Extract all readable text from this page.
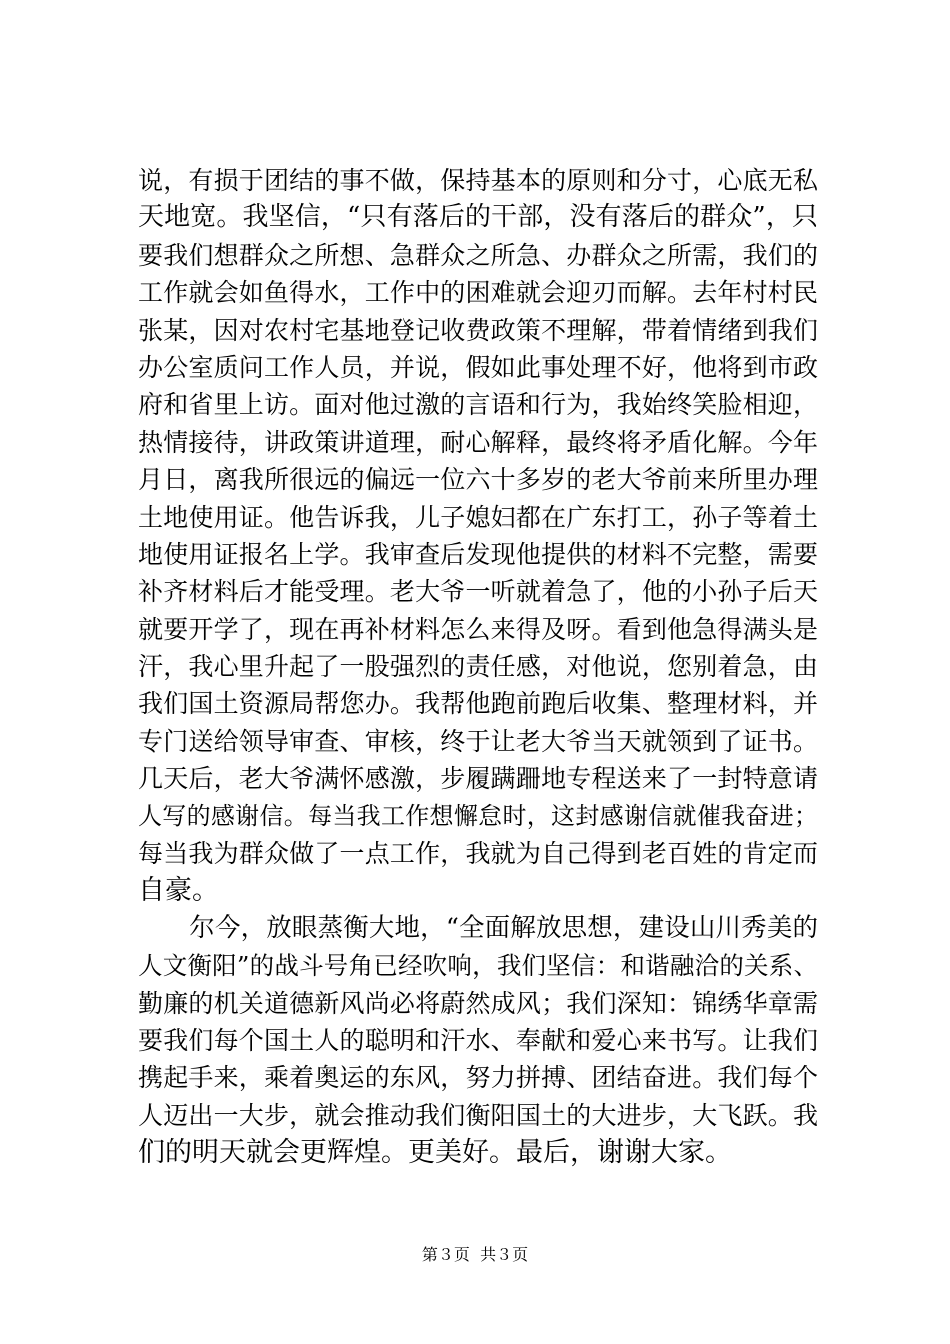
说，有损于团结的事不做，保持基本的原则和分寸，心底无私
天地宽。我坚信，“只有落后的干部，没有落后的群众”，只
要我们想群众之所想、急群众之所急、办群众之所需，我们的
工作就会如鱼得水，工作中的困难就会迎刃而解。去年村村民
张某，因对农村宅基地登记收费政策不理解，带着情绪到我们
办公室质问工作人员，并说，假如此事处理不好，他将到市政
府和省里上访。面对他过激的言语和行为，我始终笑脸相迎，
热情接待，讲政策讲道理，耐心解释，最终将矛盾化解。今年
月日，离我所很远的偏远一位六十多岁的老大爷前来所里办理
土地使用证。他告诉我，儿子媳妇都在广东打工，孙子等着土
地使用证报名上学。我审查后发现他提供的材料不完整，需要
补齐材料后才能受理。老大爷一听就着急了，他的小孙子后天
就要开学了，现在再补材料怎么来得及呀。看到他急得满头是
汗，我心里升起了一股强烈的责任感，对他说，您别着急，由
我们国土资源局帮您办。我帮他跑前跑后收集、整理材料，并
专门送给领导审查、审核，终于让老大爷当天就领到了证书。
几天后，老大爷满怀感激，步履蹒跚地专程送来了一封特意请
人写的感谢信。每当我工作想懈怠时，这封感谢信就催我奋进；
每当我为群众做了一点工作，我就为自己得到老百姓的肯定而
自豪。
　　尔今，放眼蒸衡大地，“全面解放思想，建设山川秀美的
人文衡阳”的战斗号角已经吹响，我们坚信：和谐融洽的关系、
勤廉的机关道德新风尚必将蔚然成风；我们深知：锦绣华章需
要我们每个国土人的聪明和汗水、奉献和爱心来书写。让我们
携起手来，乘着奥运的东风，努力拼搏、团结奋进。我们每个
人迈出一大步，就会推动我们衡阳国土的大进步，大飞跃。我
们的明天就会更辉煌。更美好。最后，谢谢大家。
第３页  共３页
